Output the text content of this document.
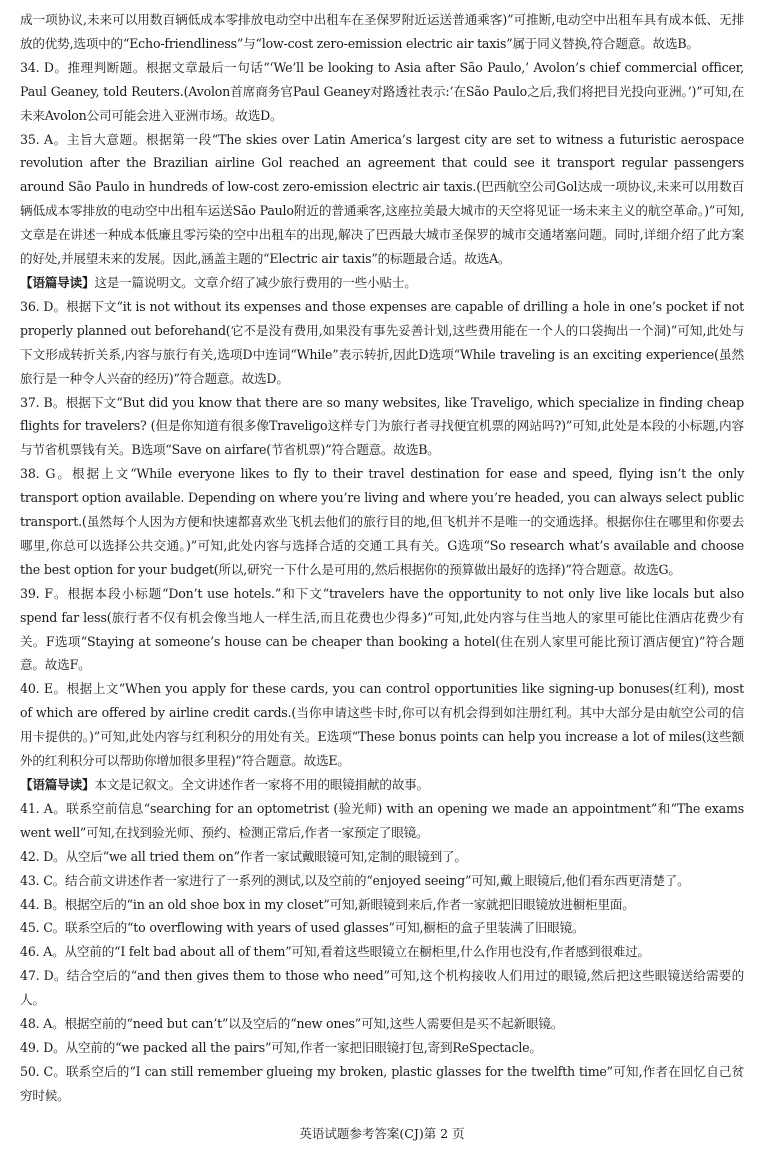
成一项协议,未来可以用数百辆低成本零排放电动空中出租车在圣保罗附近运送普通乘客)”可推断,电动空中出租车具有成本低、无排放的优势,选项中的“Echo-friendliness”与“low-cost zero-emission electric air taxis”属于同义替换,符合题意。故选B。

34. D。推理判断题。根据文章最后一句话“‘We’ll be looking to Asia after São Paulo,’ Avolon’s chief commercial officer, Paul Geaney, told Reuters.(Avolon首席商务官Paul Geaney对路透社表示:‘在São Paulo之后,我们将把目光投向亚洲。’)”可知,在未来Avolon公司可能会进入亚洲市场。故选D。

35. A。主旨大意题。根据第一段“The skies over Latin America’s largest city are set to witness a futuristic aerospace revolution after the Brazilian airline Gol reached an agreement that could see it transport regular passengers around São Paulo in hundreds of low-cost zero-emission electric air taxis.(巴西航空公司Gol达成一项协议,未来可以用数百辆低成本零排放的电动空中出租车运送São Paulo附近的普通乘客,这座拉美最大城市的天空将见证一场未来主义的航空革命。)”可知,文章是在讲述一种成本低廉且零污染的空中出租车的出现,解决了巴西最大城市圣保罗的城市交通堵塞问题。同时,详细介绍了此方案的好处,并展望未来的发展。因此,涵盖主题的“Electric air taxis”的标题最合适。故选A。

【语篇导读】这是一篇说明文。文章介绍了减少旅行费用的一些小贴士。

36. D。根据下文“it is not without its expenses and those expenses are capable of drilling a hole in one’s pocket if not properly planned out beforehand(它不是没有费用,如果没有事先妥善计划,这些费用能在一个人的口袋掏出一个洞)”可知,此处与下文形成转折关系,内容与旅行有关,选项D中连词“While”表示转折,因此D选项“While traveling is an exciting experience(虽然旅行是一种令人兴奋的经历)”符合题意。故选D。

37. B。根据下文“But did you know that there are so many websites, like Traveligo, which specialize in finding cheap flights for travelers? (但是你知道有很多像Traveligo这样专门为旅行者寻找便宜机票的网站吗?)”可知,此处是本段的小标题,内容与节省机票钱有关。B选项“Save on airfare(节省机票)”符合题意。故选B。

38. G。根据上文“While everyone likes to fly to their travel destination for ease and speed, flying isn’t the only transport option available. Depending on where you’re living and where you’re headed, you can always select public transport.(虽然每个人因为方便和快速都喜欢坐飞机去他们的旅行目的地,但飞机并不是唯一的交通选择。根据你住在哪里和你要去哪里,你总可以选择公共交通。)”可知,此处内容与选择合适的交通工具有关。G选项“So research what’s available and choose the best option for your budget(所以,研究一下什么是可用的,然后根据你的预算做出最好的选择)”符合题意。故选G。

39. F。根据本段小标题“Don’t use hotels.”和下文“travelers have the opportunity to not only live like locals but also spend far less(旅行者不仅有机会像当地人一样生活,而且花费也少得多)”可知,此处内容与住当地人的家里可能比住酒店花费少有关。F选项“Staying at someone’s house can be cheaper than booking a hotel(住在别人家里可能比预订酒店便宜)”符合题意。故选F。

40. E。根据上文“When you apply for these cards, you can control opportunities like signing-up bonuses(红利), most of which are offered by airline credit cards.(当你申请这些卡时,你可以有机会得到如注册红利。其中大部分是由航空公司的信用卡提供的。)”可知,此处内容与红利积分的用处有关。E选项“These bonus points can help you increase a lot of miles(这些额外的红利积分可以帮助你增加很多里程)”符合题意。故选E。

【语篇导读】本文是记叙文。全文讲述作者一家将不用的眼镜捐献的故事。

41. A。联系空前信息“searching for an optometrist (验光师) with an opening we made an appointment”和“The exams went well”可知,在找到验光师、预约、检测正常后,作者一家预定了眼镜。

42. D。从空后“we all tried them on”作者一家试戴眼镜可知,定制的眼镜到了。

43. C。结合前文讲述作者一家进行了一系列的测试,以及空前的“enjoyed seeing”可知,戴上眼镜后,他们看东西更清楚了。

44. B。根据空后的“in an old shoe box in my closet”可知,新眼镜到来后,作者一家就把旧眼镜放进橱柜里面。

45. C。联系空后的“to overflowing with years of used glasses”可知,橱柜的盒子里装满了旧眼镜。

46. A。从空前的“I felt bad about all of them”可知,看着这些眼镜立在橱柜里,什么作用也没有,作者感到很难过。

47. D。结合空后的“and then gives them to those who need”可知,这个机构接收人们用过的眼镜,然后把这些眼镜送给需要的人。

48. A。根据空前的“need but can’t”以及空后的“new ones”可知,这些人需要但是买不起新眼镜。

49. D。从空前的“we packed all the pairs”可知,作者一家把旧眼镜打包,寄到ReSpectacle。

50. C。联系空后的“I can still remember glueing my broken, plastic glasses for the twelfth time”可知,作者在回忆自己贫穷时候。

英语试题参考答案(CJ)第 2 页
